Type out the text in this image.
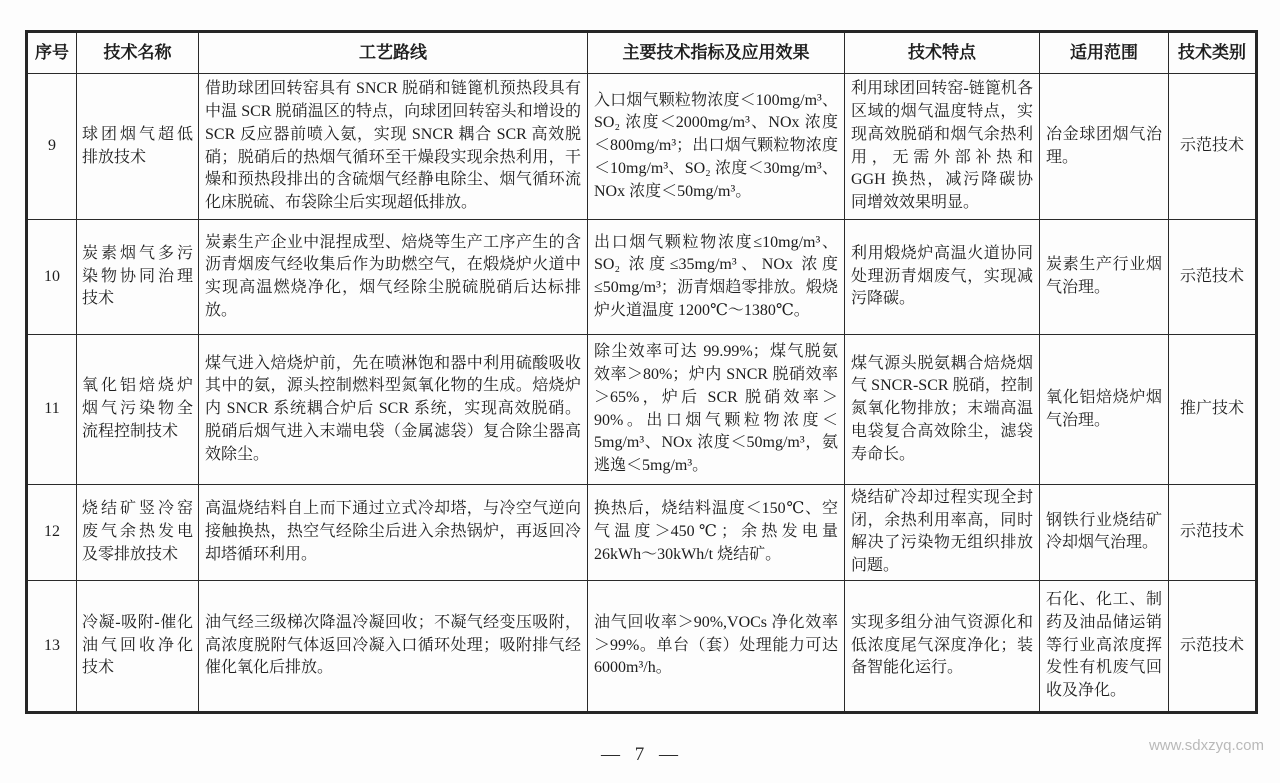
序号	技术名称	工艺路线	主要技术指标及应用效果	技术特点	适用范围	技术类别
9	球团烟气超低排放技术	借助球团回转窑具有 SNCR 脱硝和链篦机预热段具有中温 SCR 脱硝温区的特点，向球团回转窑头和增设的 SCR 反应器前喷入氨，实现 SNCR 耦合 SCR 高效脱硝；脱硝后的热烟气循环至干燥段实现余热利用，干燥和预热段排出的含硫烟气经静电除尘、烟气循环流化床脱硫、布袋除尘后实现超低排放。	入口烟气颗粒物浓度＜100mg/m³、SO₂ 浓度＜2000mg/m³、NOx 浓度＜800mg/m³；出口烟气颗粒物浓度＜10mg/m³、SO₂ 浓度＜30mg/m³、NOx 浓度＜50mg/m³。	利用球团回转窑-链篦机各区域的烟气温度特点，实现高效脱硝和烟气余热利用，无需外部补热和 GGH 换热，减污降碳协同增效效果明显。	冶金球团烟气治理。	示范技术
10	炭素烟气多污染物协同治理技术	炭素生产企业中混捏成型、焙烧等生产工序产生的含沥青烟废气经收集后作为助燃空气，在煅烧炉火道中实现高温燃烧净化，烟气经除尘脱硫脱硝后达标排放。	出口烟气颗粒物浓度≤10mg/m³、SO₂ 浓度≤35mg/m³、NOx 浓度≤50mg/m³；沥青烟趋零排放。煅烧炉火道温度 1200℃～1380℃。	利用煅烧炉高温火道协同处理沥青烟废气，实现减污降碳。	炭素生产行业烟气治理。	示范技术
11	氧化铝焙烧炉烟气污染物全流程控制技术	煤气进入焙烧炉前，先在喷淋饱和器中利用硫酸吸收其中的氨，源头控制燃料型氮氧化物的生成。焙烧炉内 SNCR 系统耦合炉后 SCR 系统，实现高效脱硝。脱硝后烟气进入末端电袋（金属滤袋）复合除尘器高效除尘。	除尘效率可达 99.99%；煤气脱氨效率＞80%；炉内 SNCR 脱硝效率＞65%，炉后 SCR 脱硝效率＞90%。出口烟气颗粒物浓度＜5mg/m³、NOx 浓度＜50mg/m³，氨逃逸＜5mg/m³。	煤气源头脱氨耦合焙烧烟气 SNCR-SCR 脱硝，控制氮氧化物排放；末端高温电袋复合高效除尘，滤袋寿命长。	氧化铝焙烧炉烟气治理。	推广技术
12	烧结矿竖冷窑废气余热发电及零排放技术	高温烧结料自上而下通过立式冷却塔，与冷空气逆向接触换热，热空气经除尘后进入余热锅炉，再返回冷却塔循环利用。	换热后，烧结料温度＜150℃、空气温度＞450℃；余热发电量 26kWh～30kWh/t 烧结矿。	烧结矿冷却过程实现全封闭，余热利用率高，同时解决了污染物无组织排放问题。	钢铁行业烧结矿冷却烟气治理。	示范技术
13	冷凝-吸附-催化油气回收净化技术	油气经三级梯次降温冷凝回收；不凝气经变压吸附，高浓度脱附气体返回冷凝入口循环处理；吸附排气经催化氧化后排放。	油气回收率＞90%,VOCs 净化效率＞99%。单台（套）处理能力可达 6000m³/h。	实现多组分油气资源化和低浓度尾气深度净化；装备智能化运行。	石化、化工、制药及油品储运销等行业高浓度挥发性有机废气回收及净化。	示范技术
— 7 —	www.sdxzyq.com
